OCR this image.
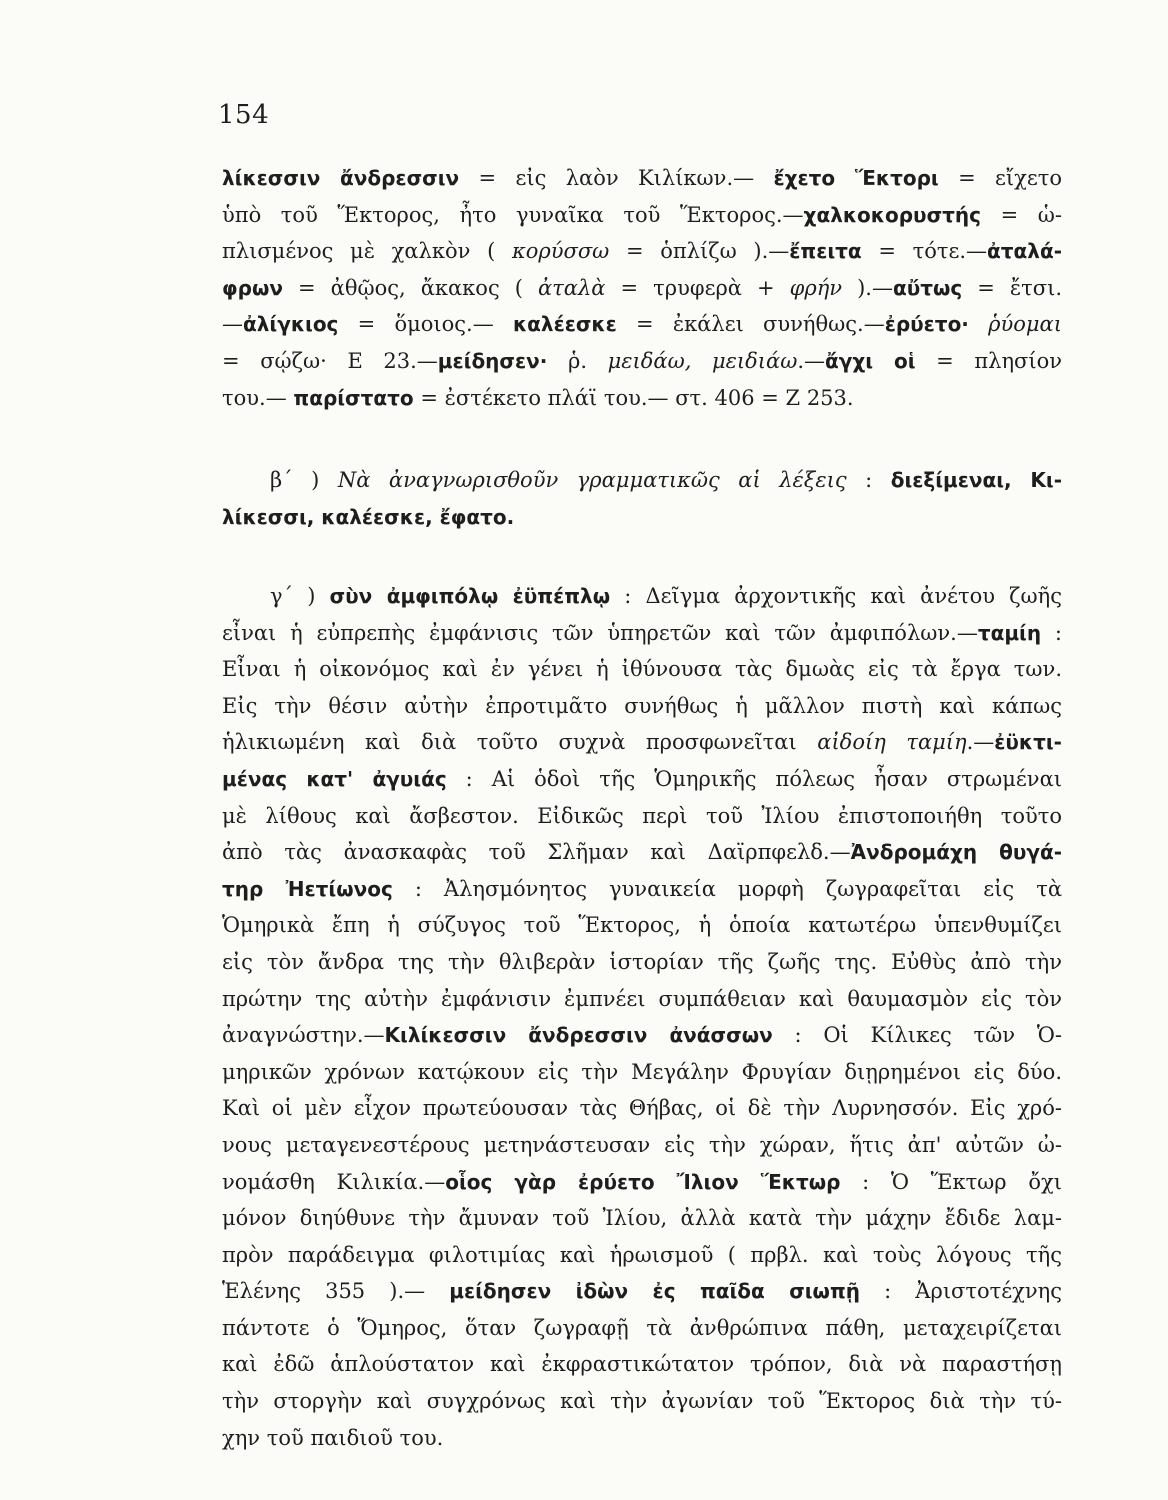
154
λίκεσσιν ἄνδρεσσιν = εἰς λαὸν Κιλίκων.— ἔχετο Ἕκτορι = εἴχετο
ὑπὸ τοῦ Ἕκτορος, ἦτο γυναῖκα τοῦ Ἕκτορος.—χαλκοκορυστής = ὡ-
πλισμένος μὲ χαλκὸν ( κορύσσω = ὁπλίζω ).—ἔπειτα = τότε.—ἀταλά-
φρων = ἀθῷος, ἄκακος ( ἀταλὰ = τρυφερὰ + φρήν ).—αὔτως = ἔτσι.
—ἀλίγκιος = ὅμοιος.— καλέεσκε = ἐκάλει συνήθως.—ἐρύετο· ῥύομαι
= σῴζω· Ε 23.—μείδησεν· ῥ. μειδάω, μειδιάω.—ἄγχι οἱ = πλησίον
του.— παρίστατο = ἐστέκετο πλάϊ του.— στ. 406 = Ζ 253.
β΄ ) Νὰ ἀναγνωρισθοῦν γραμματικῶς αἱ λέξεις : διεξίμεναι, Κι-
λίκεσσι, καλέεσκε, ἔφατο.
γ΄ ) σὺν ἀμφιπόλῳ ἐϋπέπλῳ : Δεῖγμα ἀρχοντικῆς καὶ ἀνέτου ζωῆς
εἶναι ἡ εὐπρεπὴς ἐμφάνισις τῶν ὑπηρετῶν καὶ τῶν ἀμφιπόλων.—ταμίη :
Εἶναι ἡ οἰκονόμος καὶ ἐν γένει ἡ ἰθύνουσα τὰς δμωὰς εἰς τὰ ἔργα των.
Εἰς τὴν θέσιν αὐτὴν ἐπροτιμᾶτο συνήθως ἡ μᾶλλον πιστὴ καὶ κάπως
ἡλικιωμένη καὶ διὰ τοῦτο συχνὰ προσφωνεῖται αἰδοίη ταμίη.—ἐϋκτι-
μένας κατ' ἀγυιάς : Αἱ ὁδοὶ τῆς Ὁμηρικῆς πόλεως ἦσαν στρωμέναι
μὲ λίθους καὶ ἄσβεστον. Εἰδικῶς περὶ τοῦ Ἰλίου ἐπιστοποιήθη τοῦτο
ἀπὸ τὰς ἀνασκαφὰς τοῦ Σλῆμαν καὶ Δαϊρπφελδ.—Ἀνδρομάχη θυγά-
τηρ Ἠετίωνος : Ἀλησμόνητος γυναικεία μορφὴ ζωγραφεῖται εἰς τὰ
Ὁμηρικὰ ἔπη ἡ σύζυγος τοῦ Ἕκτορος, ἡ ὁποία κατωτέρω ὑπενθυμίζει
εἰς τὸν ἄνδρα της τὴν θλιβερὰν ἱστορίαν τῆς ζωῆς της. Εὐθὺς ἀπὸ τὴν
πρώτην της αὐτὴν ἐμφάνισιν ἐμπνέει συμπάθειαν καὶ θαυμασμὸν εἰς τὸν
ἀναγνώστην.—Κιλίκεσσιν ἄνδρεσσιν ἀνάσσων : Οἱ Κίλικες τῶν Ὁ-
μηρικῶν χρόνων κατῴκουν εἰς τὴν Μεγάλην Φρυγίαν διῃρημένοι εἰς δύο.
Καὶ οἱ μὲν εἶχον πρωτεύουσαν τὰς Θήβας, οἱ δὲ τὴν Λυρνησσόν. Εἰς χρό-
νους μεταγενεστέρους μετηνάστευσαν εἰς τὴν χώραν, ἥτις ἀπ' αὐτῶν ὠ-
νομάσθη Κιλικία.—οἷος γὰρ ἐρύετο Ἴλιον Ἕκτωρ : Ὁ Ἕκτωρ ὄχι
μόνον διηύθυνε τὴν ἄμυναν τοῦ Ἰλίου, ἀλλὰ κατὰ τὴν μάχην ἔδιδε λαμ-
πρὸν παράδειγμα φιλοτιμίας καὶ ἡρωισμοῦ ( πρβλ. καὶ τοὺς λόγους τῆς
Ἑλένης 355 ).— μείδησεν ἰδὼν ἐς παῖδα σιωπῇ : Ἀριστοτέχνης
πάντοτε ὁ Ὅμηρος, ὅταν ζωγραφῇ τὰ ἀνθρώπινα πάθη, μεταχειρίζεται
καὶ ἐδῶ ἁπλούστατον καὶ ἐκφραστικώτατον τρόπον, διὰ νὰ παραστήσῃ
τὴν στοργὴν καὶ συγχρόνως καὶ τὴν ἀγωνίαν τοῦ Ἕκτορος διὰ τὴν τύ-
χην τοῦ παιδιοῦ του.
